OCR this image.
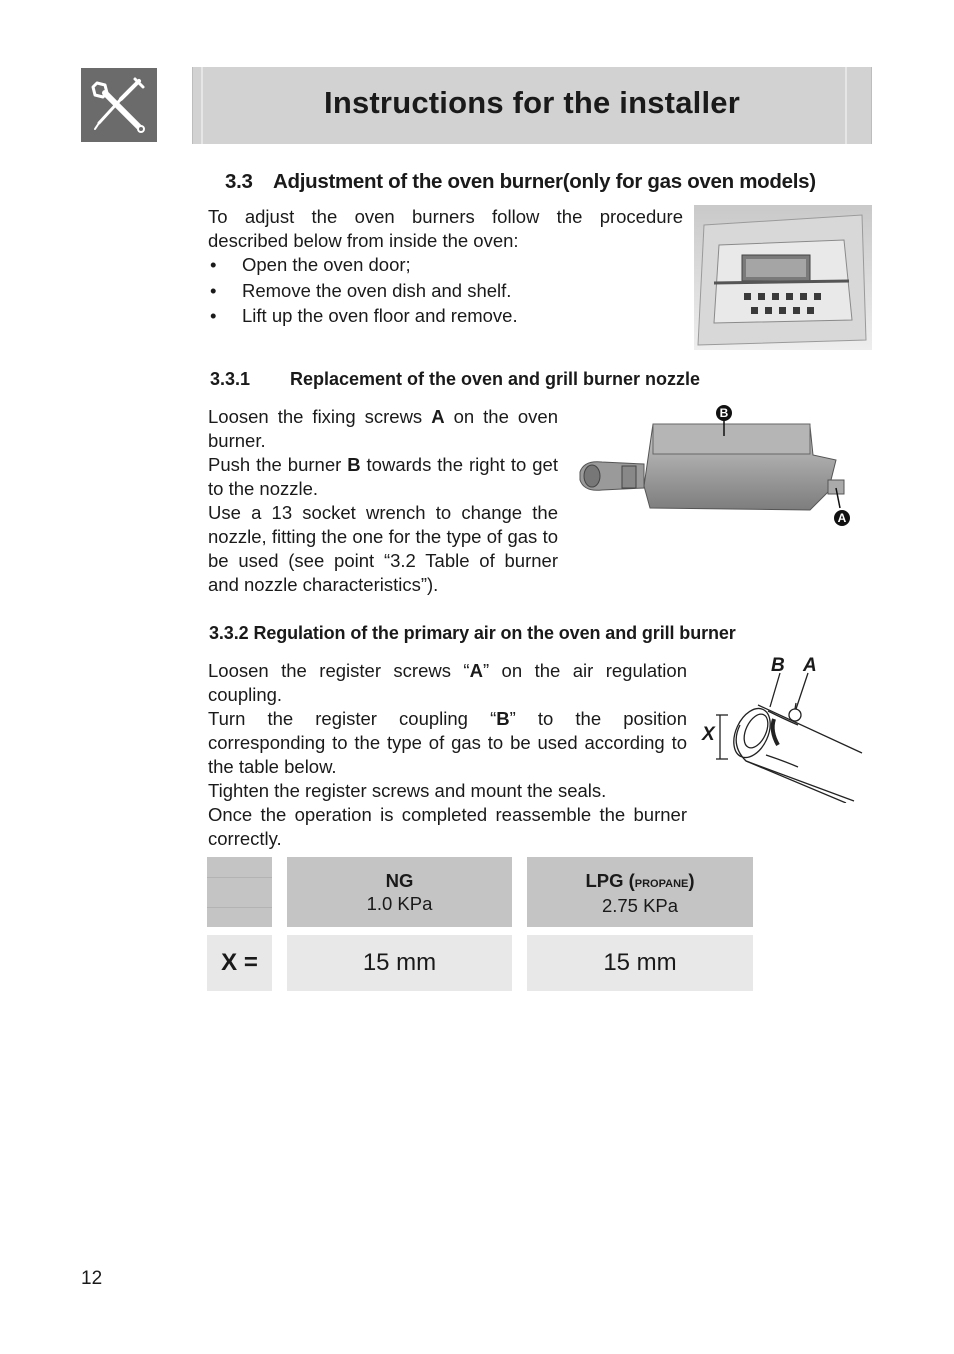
Instructions for the installer
3.3 Adjustment of the oven burner(only for gas oven models)

To adjust the oven burners follow the procedure described below from inside the oven:

• Open the oven door;
• Remove the oven dish and shelf.
• Lift up the oven floor and remove.
3.3.1 Replacement of the oven and grill burner nozzle

Loosen the fixing screws A on the oven burner.

Push the burner B towards the right to get to the nozzle.

Use a 13 socket wrench to change the nozzle, fitting the one for the type of gas to be used (see point “3.2 Table of burner and nozzle characteristics”).

B
A
3.3.2 Regulation of the primary air on the oven and grill burner

Loosen the register screws “A” on the air regulation coupling.

Turn the register coupling “B” to the position corresponding to the type of gas to be used according to the table below.

Tighten the register screws and mount the seals.

Once the operation is completed reassemble the burner correctly.

B A
X
NG
1.0 KPa
LPG (propane)
2.75 KPa
X =	15 mm	15 mm
12
